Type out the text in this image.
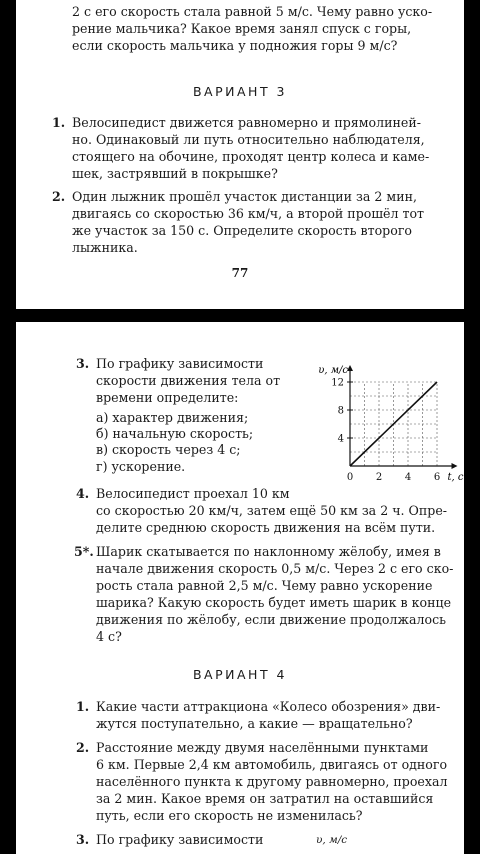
2 с его скорость стала равной 5 м/с. Чему равно уско-

рение мальчика? Какое время занял спуск с горы,

если скорость мальчика у подножия горы 9 м/с?

ВАРИАНТ 3
1. Велосипедист движется равномерно и прямолиней-

но. Одинаковый ли путь относительно наблюдателя,

стоящего на обочине, проходят центр колеса и каме-

шек, застрявший в покрышке?

2. Один лыжник прошёл участок дистанции за 2 мин,

двигаясь со скоростью 36 км/ч, а второй прошёл тот

же участок за 150 с. Определите скорость второго

лыжника.

77
3. По графику зависимости

скорости движения тела от

времени определите:

а) характер движения;
б) начальную скорость;
в) скорость через 4 с;
г) ускорение.
0 2 4 6
4
8
12
υ, м/с
t, c
4. Велосипедист проехал 10 км

со скоростью 20 км/ч, затем ещё 50 км за 2 ч. Опре-

делите среднюю скорость движения на всём пути.

5*. Шарик скатывается по наклонному жёлобу, имея в

начале движения скорость 0,5 м/с. Через 2 с его ско-

рость стала равной 2,5 м/с. Чему равно ускорение

шарика? Какую скорость будет иметь шарик в конце

движения по жёлобу, если движение продолжалось

4 с?

ВАРИАНТ 4
1. Какие части аттракциона «Колесо обозрения» дви-

жутся поступательно, а какие — вращательно?

2. Расстояние между двумя населёнными пунктами

6 км. Первые 2,4 км автомобиль, двигаясь от одного

населённого пункта к другому равномерно, проехал

за 2 мин. Какое время он затратил на оставшийся

путь, если его скорость не изменилась?

3. По графику зависимости	υ, м/с
